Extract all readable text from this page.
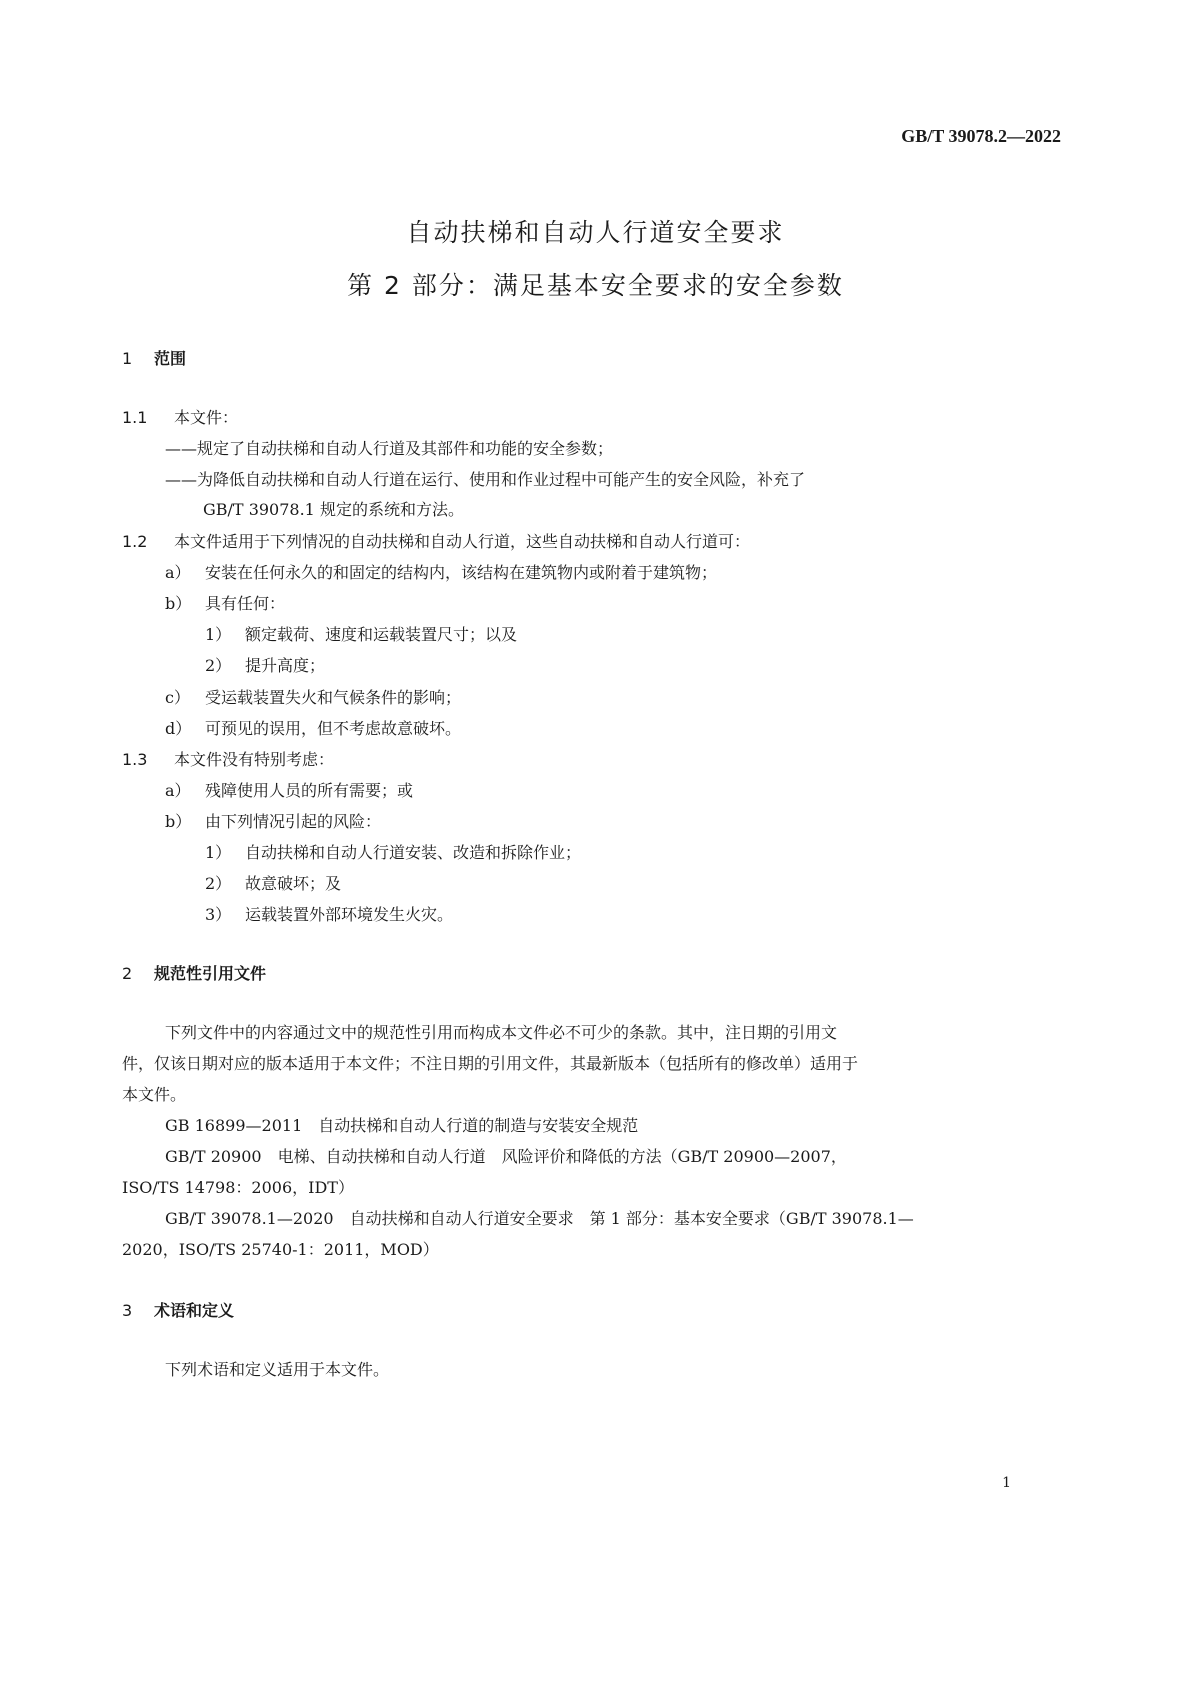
GB/T 39078.2—2022
自动扶梯和自动人行道安全要求
第 2 部分：满足基本安全要求的安全参数
1 范围
1.1 本文件：
——规定了自动扶梯和自动人行道及其部件和功能的安全参数；
——为降低自动扶梯和自动人行道在运行、使用和作业过程中可能产生的安全风险，补充了
GB/T 39078.1 规定的系统和方法。
1.2 本文件适用于下列情况的自动扶梯和自动人行道，这些自动扶梯和自动人行道可：
a） 安装在任何永久的和固定的结构内，该结构在建筑物内或附着于建筑物；
b） 具有任何：
1） 额定载荷、速度和运载装置尺寸；以及
2） 提升高度；
c） 受运载装置失火和气候条件的影响；
d） 可预见的误用，但不考虑故意破坏。
1.3 本文件没有特别考虑：
a） 残障使用人员的所有需要；或
b） 由下列情况引起的风险：
1） 自动扶梯和自动人行道安装、改造和拆除作业；
2） 故意破坏；及
3） 运载装置外部环境发生火灾。
2 规范性引用文件
下列文件中的内容通过文中的规范性引用而构成本文件必不可少的条款。其中，注日期的引用文
件，仅该日期对应的版本适用于本文件；不注日期的引用文件，其最新版本（包括所有的修改单）适用于
本文件。
GB 16899—2011　自动扶梯和自动人行道的制造与安装安全规范
GB/T 20900　电梯、自动扶梯和自动人行道　风险评价和降低的方法（GB/T 20900—2007，
ISO/TS 14798：2006，IDT）
GB/T 39078.1—2020　自动扶梯和自动人行道安全要求　第 1 部分：基本安全要求（GB/T 39078.1—
2020，ISO/TS 25740-1：2011，MOD）
3 术语和定义
下列术语和定义适用于本文件。
1
